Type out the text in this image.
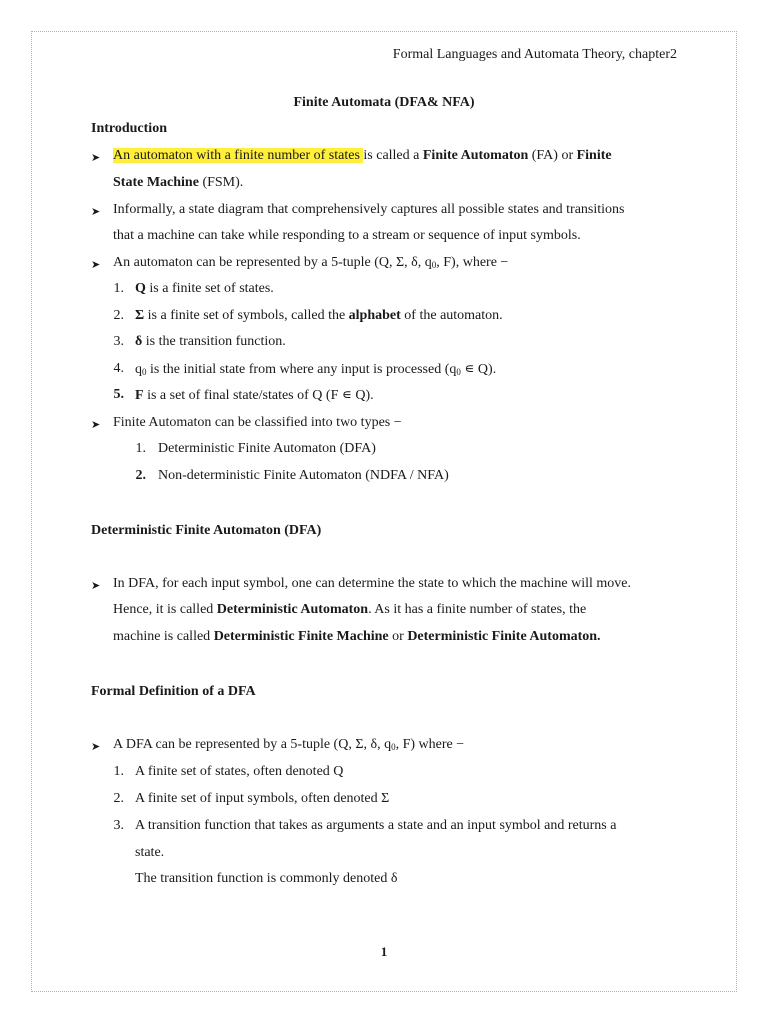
Formal Languages and Automata Theory, chapter2
Finite Automata (DFA& NFA)
Introduction
➤ An automaton with a finite number of states is called a Finite Automaton (FA) or Finite
State Machine (FSM).
➤ Informally, a state diagram that comprehensively captures all possible states and transitions
that a machine can take while responding to a stream or sequence of input symbols.
➤ An automaton can be represented by a 5-tuple (Q, Σ, δ, $q_0$, F), where −
1. Q is a finite set of states.
2. Σ is a finite set of symbols, called the alphabet of the automaton.
3. δ is the transition function.
4. $q_0$ is the initial state from where any input is processed ($q_0$ ∊ Q).
5. F is a set of final state/states of Q (F ∊ Q).
➤ Finite Automaton can be classified into two types −
1. Deterministic Finite Automaton (DFA)
2. Non-deterministic Finite Automaton (NDFA / NFA)
Deterministic Finite Automaton (DFA)
➤ In DFA, for each input symbol, one can determine the state to which the machine will move.
Hence, it is called Deterministic Automaton. As it has a finite number of states, the
machine is called Deterministic Finite Machine or Deterministic Finite Automaton.
Formal Definition of a DFA
➤ A DFA can be represented by a 5-tuple (Q, Σ, δ, $q_0$, F) where −
1. A finite set of states, often denoted Q
2. A finite set of input symbols, often denoted Σ
3. A transition function that takes as arguments a state and an input symbol and returns a
state.
The transition function is commonly denoted δ
1
